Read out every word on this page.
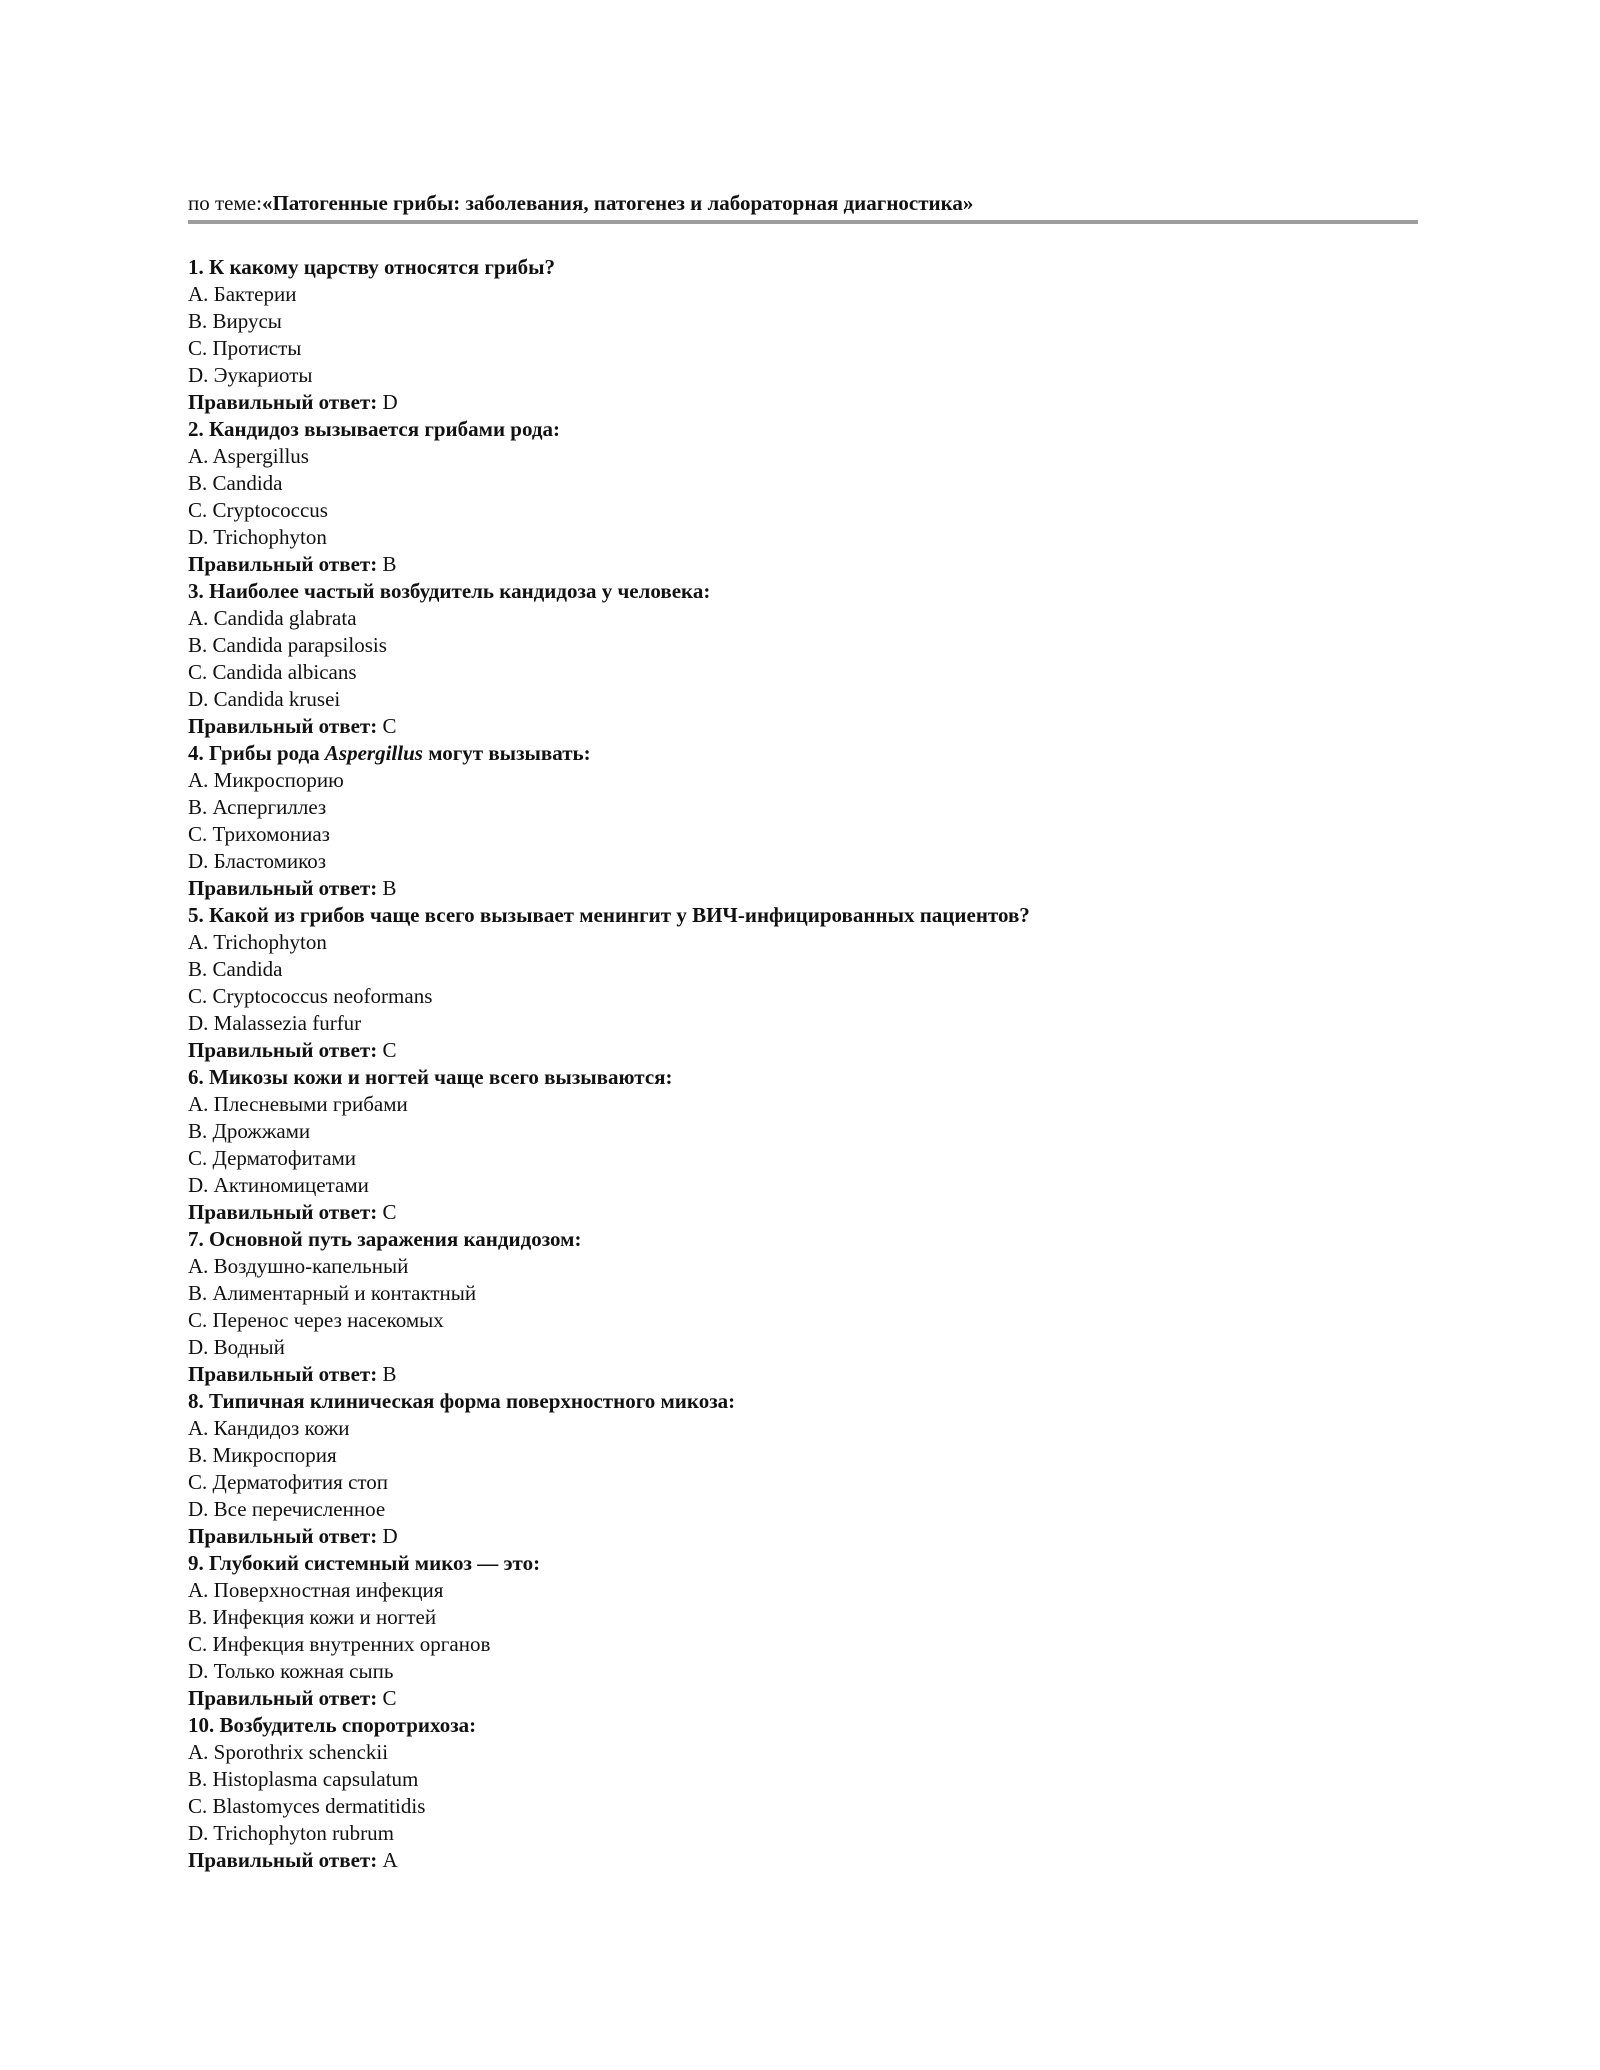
по теме:«Патогенные грибы: заболевания, патогенез и лабораторная диагностика»
1. К какому царству относятся грибы?
A. Бактерии
B. Вирусы
C. Протисты
D. Эукариоты
Правильный ответ: D
2. Кандидоз вызывается грибами рода:
A. Aspergillus
B. Candida
C. Cryptococcus
D. Trichophyton
Правильный ответ: B
3. Наиболее частый возбудитель кандидоза у человека:
A. Candida glabrata
B. Candida parapsilosis
C. Candida albicans
D. Candida krusei
Правильный ответ: C
4. Грибы рода Aspergillus могут вызывать:
A. Микроспорию
B. Аспергиллез
C. Трихомониаз
D. Бластомикоз
Правильный ответ: B
5. Какой из грибов чаще всего вызывает менингит у ВИЧ-инфицированных пациентов?
A. Trichophyton
B. Candida
C. Cryptococcus neoformans
D. Malassezia furfur
Правильный ответ: C
6. Микозы кожи и ногтей чаще всего вызываются:
A. Плесневыми грибами
B. Дрожжами
C. Дерматофитами
D. Актиномицетами
Правильный ответ: C
7. Основной путь заражения кандидозом:
A. Воздушно-капельный
B. Алиментарный и контактный
C. Перенос через насекомых
D. Водный
Правильный ответ: B
8. Типичная клиническая форма поверхностного микоза:
A. Кандидоз кожи
B. Микроспория
C. Дерматофития стоп
D. Все перечисленное
Правильный ответ: D
9. Глубокий системный микоз — это:
A. Поверхностная инфекция
B. Инфекция кожи и ногтей
C. Инфекция внутренних органов
D. Только кожная сыпь
Правильный ответ: C
10. Возбудитель споротрихоза:
A. Sporothrix schenckii
B. Histoplasma capsulatum
C. Blastomyces dermatitidis
D. Trichophyton rubrum
Правильный ответ: A
